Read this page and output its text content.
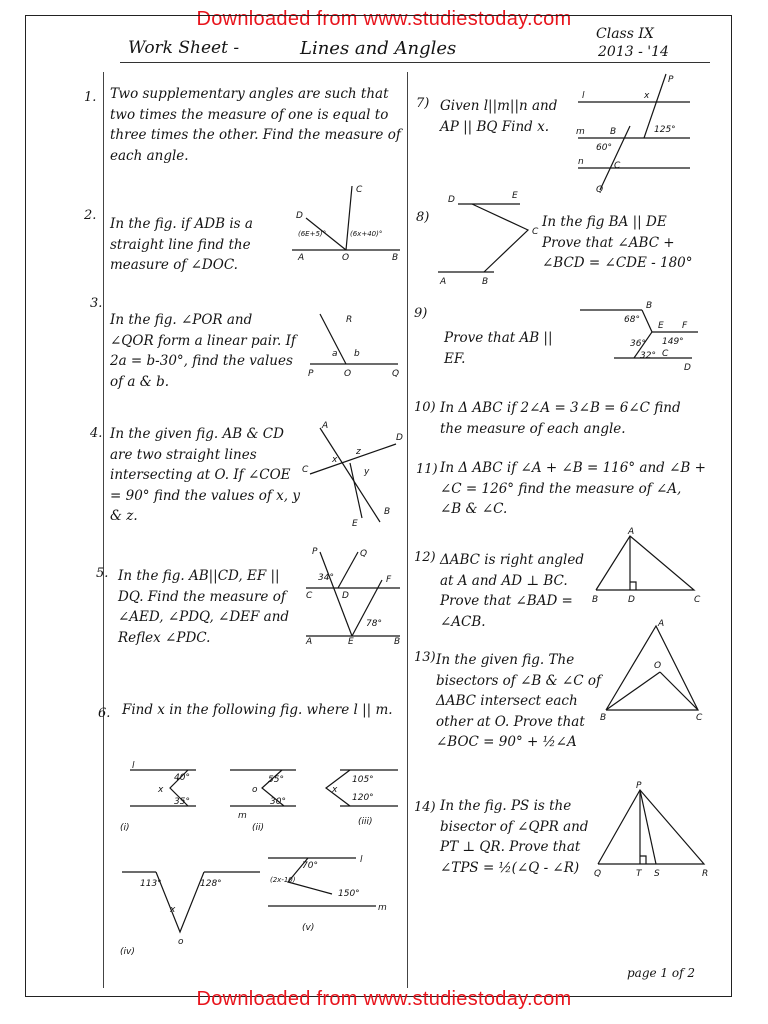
Downloaded from www.studiestoday.com
Work Sheet -	Lines and Angles
Class IX
2013 - '14
1. Two supplementary angles are such that two times the measure of one is equal to three times the other. Find the measure of each angle.
2.
In the fig. if ADB is a straight line find the measure of ∠DOC.
C
D
A	O	B
(6E+5)°	(6x+40)°
3.
In the fig. ∠POR and ∠QOR form a linear pair. If 2a = b-30°, find the values of a & b.
R
a b
P	O	Q
4. In the given fig. AB & CD are two straight lines intersecting at O. If ∠COE = 90° find the values of x, y & z.
A
D
C
B
E
x
y
z
5. In the fig. AB||CD, EF || DQ. Find the measure of ∠AED, ∠PDQ, ∠DEF and Reflex ∠PDC.
P	Q
C	D
F
A	E	B
34°
78°
6. Find x in the following fig. where l || m.
l
x
40°
35°
(i)
o
55°
30°
m
(ii)
x
105°
120°
(iii)
113°	128°
x
o
(iv)
l
m
70°
150°
(2x-10)
(v)
7) Given l||m||n and AP || BQ Find x.
P
l
m
n
B
C
Q
x
125°
60°
8)
D	E
C
A	B
In the fig BA || DE Prove that ∠ABC + ∠BCD = ∠CDE - 180°
9)
Prove that AB || EF.
B
E F
C
D
68°
149°
36°
32°
10) In Δ ABC if 2∠A = 3∠B = 6∠C find the measure of each angle.
11) In Δ ABC if ∠A + ∠B = 116° and ∠B + ∠C = 126° find the measure of ∠A, ∠B & ∠C.
12) ΔABC is right angled at A and AD ⊥ BC. Prove that ∠BAD = ∠ACB.
A
B	D	C
13) In the given fig. The bisectors of ∠B & ∠C of ΔABC intersect each other at O. Prove that ∠BOC = 90° + ½∠A
A
O
B	C
14) In the fig. PS is the bisector of ∠QPR and PT ⊥ QR. Prove that ∠TPS = ½(∠Q - ∠R)
P
Q	T S	R
page 1 of 2
Downloaded from www.studiestoday.com
